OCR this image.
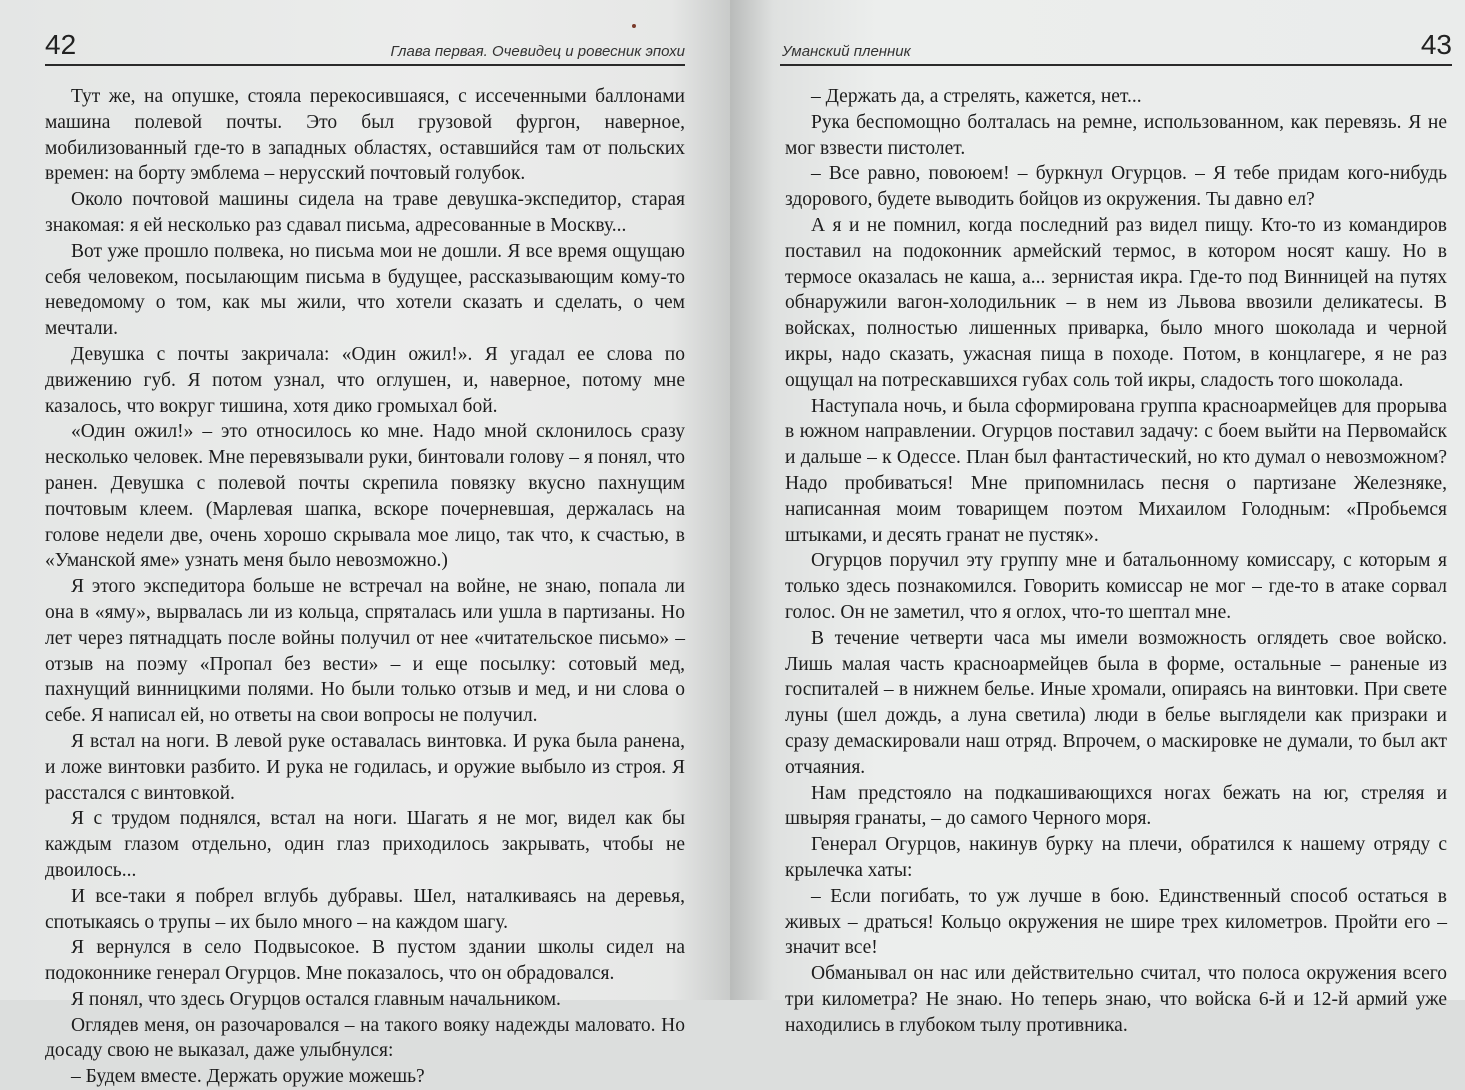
42	Глава первая. Очевидец и ровесник эпохи

Тут же, на опушке, стояла перекосившаяся, с иссеченными баллонами машина полевой почты. Это был грузовой фургон, наверное, мобилизованный где-то в западных областях, оставшийся там от польских времен: на борту эмблема – нерусский почтовый голубок.

Около почтовой машины сидела на траве девушка-экспедитор, старая знакомая: я ей несколько раз сдавал письма, адресованные в Москву...

Вот уже прошло полвека, но письма мои не дошли. Я все время ощущаю себя человеком, посылающим письма в будущее, рассказывающим кому-то неведомому о том, как мы жили, что хотели сказать и сделать, о чем мечтали.

Девушка с почты закричала: «Один ожил!». Я угадал ее слова по движению губ. Я потом узнал, что оглушен, и, наверное, потому мне казалось, что вокруг тишина, хотя дико громыхал бой.

«Один ожил!» – это относилось ко мне. Надо мной склонилось сразу несколько человек. Мне перевязывали руки, бинтовали голову – я понял, что ранен. Девушка с полевой почты скрепила повязку вкусно пахнущим почтовым клеем. (Марлевая шапка, вскоре почерневшая, держалась на голове недели две, очень хорошо скрывала мое лицо, так что, к счастью, в «Уманской яме» узнать меня было невозможно.)

Я этого экспедитора больше не встречал на войне, не знаю, попала ли она в «яму», вырвалась ли из кольца, спряталась или ушла в партизаны. Но лет через пятнадцать после войны получил от нее «читательское письмо» – отзыв на поэму «Пропал без вести» – и еще посылку: сотовый мед, пахнущий винницкими полями. Но были только отзыв и мед, и ни слова о себе. Я написал ей, но ответы на свои вопросы не получил.

Я встал на ноги. В левой руке оставалась винтовка. И рука была ранена, и ложе винтовки разбито. И рука не годилась, и оружие выбыло из строя. Я расстался с винтовкой.

Я с трудом поднялся, встал на ноги. Шагать я не мог, видел как бы каждым глазом отдельно, один глаз приходилось закрывать, чтобы не двоилось...

И все-таки я побрел вглубь дубравы. Шел, наталкиваясь на деревья, спотыкаясь о трупы – их было много – на каждом шагу.

Я вернулся в село Подвысокое. В пустом здании школы сидел на подоконнике генерал Огурцов. Мне показалось, что он обрадовался.

Я понял, что здесь Огурцов остался главным начальником.

Оглядев меня, он разочаровался – на такого вояку надежды маловато. Но досаду свою не выказал, даже улыбнулся:

– Будем вместе. Держать оружие можешь?

Уманский пленник	43

– Держать да, а стрелять, кажется, нет...

Рука беспомощно болталась на ремне, использованном, как перевязь. Я не мог взвести пистолет.

– Все равно, повоюем! – буркнул Огурцов. – Я тебе придам кого-нибудь здорового, будете выводить бойцов из окружения. Ты давно ел?

А я и не помнил, когда последний раз видел пищу. Кто-то из командиров поставил на подоконник армейский термос, в котором носят кашу. Но в термосе оказалась не каша, а... зернистая икра. Где-то под Винницей на путях обнаружили вагон-холодильник – в нем из Львова ввозили деликатесы. В войсках, полностью лишенных приварка, было много шоколада и черной икры, надо сказать, ужасная пища в походе. Потом, в концлагере, я не раз ощущал на потрескавшихся губах соль той икры, сладость того шоколада.

Наступала ночь, и была сформирована группа красноармейцев для прорыва в южном направлении. Огурцов поставил задачу: с боем выйти на Первомайск и дальше – к Одессе. План был фантастический, но кто думал о невозможном? Надо пробиваться! Мне припомнилась песня о партизане Железняке, написанная моим товарищем поэтом Михаилом Голодным: «Пробьемся штыками, и десять гранат не пустяк».

Огурцов поручил эту группу мне и батальонному комиссару, с которым я только здесь познакомился. Говорить комиссар не мог – где-то в атаке сорвал голос. Он не заметил, что я оглох, что-то шептал мне.

В течение четверти часа мы имели возможность оглядеть свое войско. Лишь малая часть красноармейцев была в форме, остальные – раненые из госпиталей – в нижнем белье. Иные хромали, опираясь на винтовки. При свете луны (шел дождь, а луна светила) люди в белье выглядели как призраки и сразу демаскировали наш отряд. Впрочем, о маскировке не думали, то был акт отчаяния.

Нам предстояло на подкашивающихся ногах бежать на юг, стреляя и швыряя гранаты, – до самого Черного моря.

Генерал Огурцов, накинув бурку на плечи, обратился к нашему отряду с крылечка хаты:

– Если погибать, то уж лучше в бою. Единственный способ остаться в живых – драться! Кольцо окружения не шире трех километров. Пройти его – значит все!

Обманывал он нас или действительно считал, что полоса окружения всего три километра? Не знаю. Но теперь знаю, что войска 6-й и 12-й армий уже находились в глубоком тылу противника.
